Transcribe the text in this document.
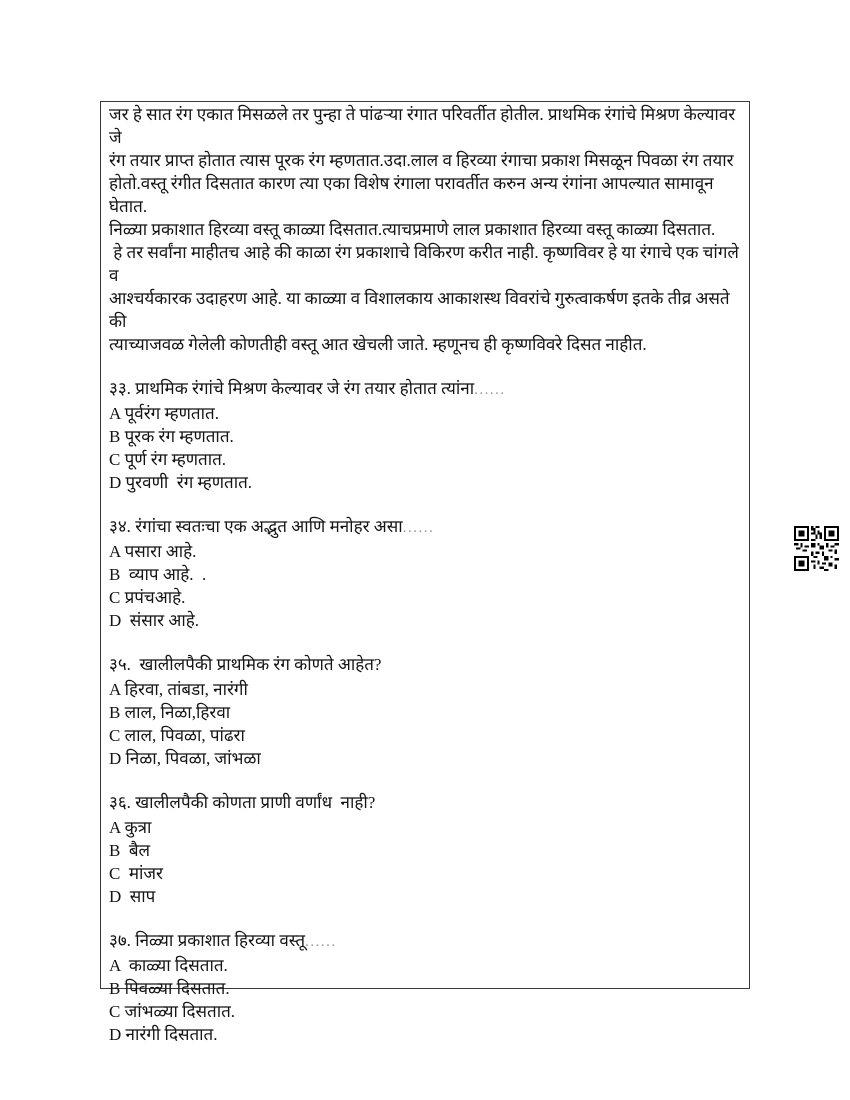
जर हे सात रंग एकात मिसळले तर पुन्हा ते पांढऱ्या रंगात परिवर्तीत होतील. प्राथमिक रंगांचे मिश्रण केल्यावर जे
रंग तयार प्राप्त होतात त्यास पूरक रंग म्हणतात.उदा.लाल व हिरव्या रंगाचा प्रकाश मिसळून पिवळा रंग तयार
होतो.वस्तू रंगीत दिसतात कारण त्या एका विशेष रंगाला परावर्तीत करुन अन्य रंगांना आपल्यात सामावून घेतात.
निळ्या प्रकाशात हिरव्या वस्तू काळ्या दिसतात.त्याचप्रमाणे लाल प्रकाशात हिरव्या वस्तू काळ्या दिसतात.
हे तर सर्वांना माहीतच आहे की काळा रंग प्रकाशाचे विकिरण करीत नाही. कृष्णविवर हे या रंगाचे एक चांगले व
आश्चर्यकारक उदाहरण आहे. या काळ्या व विशालकाय आकाशस्थ विवरांचे गुरुत्वाकर्षण इतके तीव्र असते की
त्याच्याजवळ गेलेली कोणतीही वस्तू आत खेचली जाते. म्हणूनच ही कृष्णविवरे दिसत नाहीत.
३३. प्राथमिक रंगांचे मिश्रण केल्यावर जे रंग तयार होतात त्यांना......
A पूर्वरंग म्हणतात.
B पूरक रंग म्हणतात.
C पूर्ण रंग म्हणतात.
D पुरवणी  रंग म्हणतात.
३४. रंगांचा स्वतःचा एक अद्भुत आणि मनोहर असा......
A पसारा आहे.
B  व्याप आहे.  .
C प्रपंचआहे.
D  संसार आहे.
३५.  खालीलपैकी प्राथमिक रंग कोणते आहेत?
A हिरवा, तांबडा, नारंगी
B लाल, निळा,हिरवा
C लाल, पिवळा, पांढरा
D निळा, पिवळा, जांभळा
३६. खालीलपैकी कोणता प्राणी वर्णांध  नाही?
A कुत्रा
B  बैल
C  मांजर
D  साप
३७. निळ्या प्रकाशात हिरव्या वस्तू......
A  काळ्या दिसतात.
B पिवळ्या दिसतात.
C जांभळ्या दिसतात.
D नारंगी दिसतात.
